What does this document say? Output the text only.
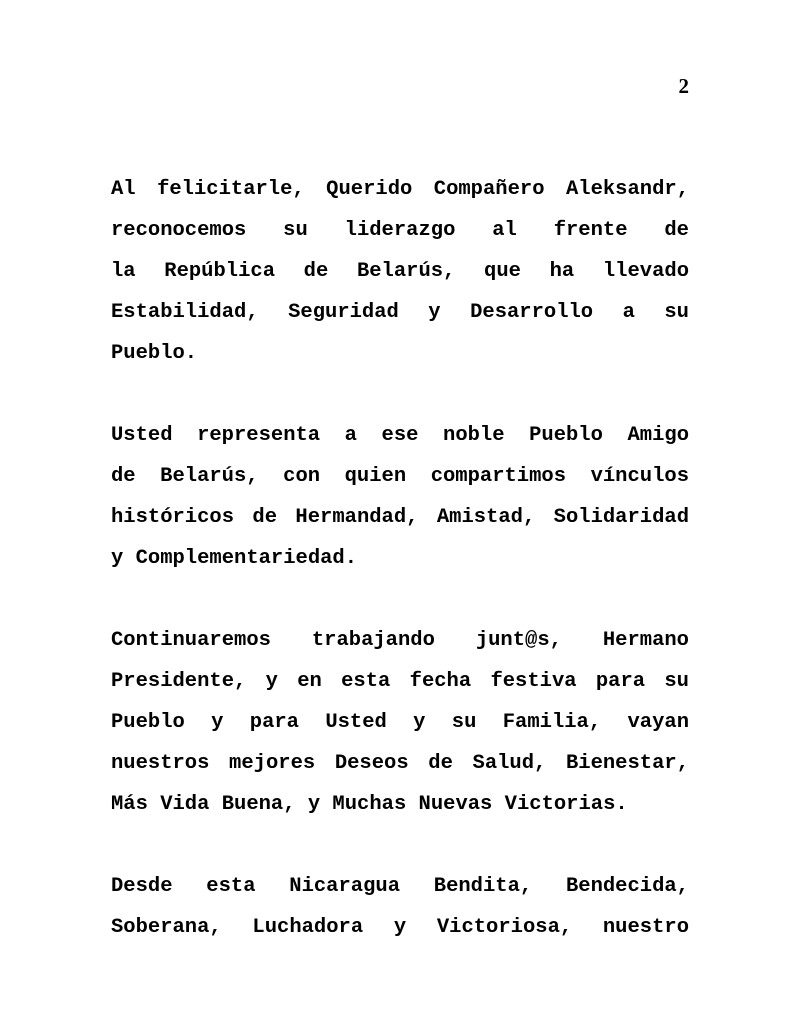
2
Al felicitarle, Querido Compañero Aleksandr,
reconocemos su liderazgo al frente de
la República de Belarús, que ha llevado
Estabilidad, Seguridad y Desarrollo a su
Pueblo.
Usted representa a ese noble Pueblo Amigo
de Belarús, con quien compartimos vínculos
históricos de Hermandad, Amistad, Solidaridad
y Complementariedad.
Continuaremos trabajando junt@s, Hermano
Presidente, y en esta fecha festiva para su
Pueblo y para Usted y su Familia, vayan
nuestros mejores Deseos de Salud, Bienestar,
Más Vida Buena, y Muchas Nuevas Victorias.
Desde esta Nicaragua Bendita, Bendecida,
Soberana, Luchadora y Victoriosa, nuestro
